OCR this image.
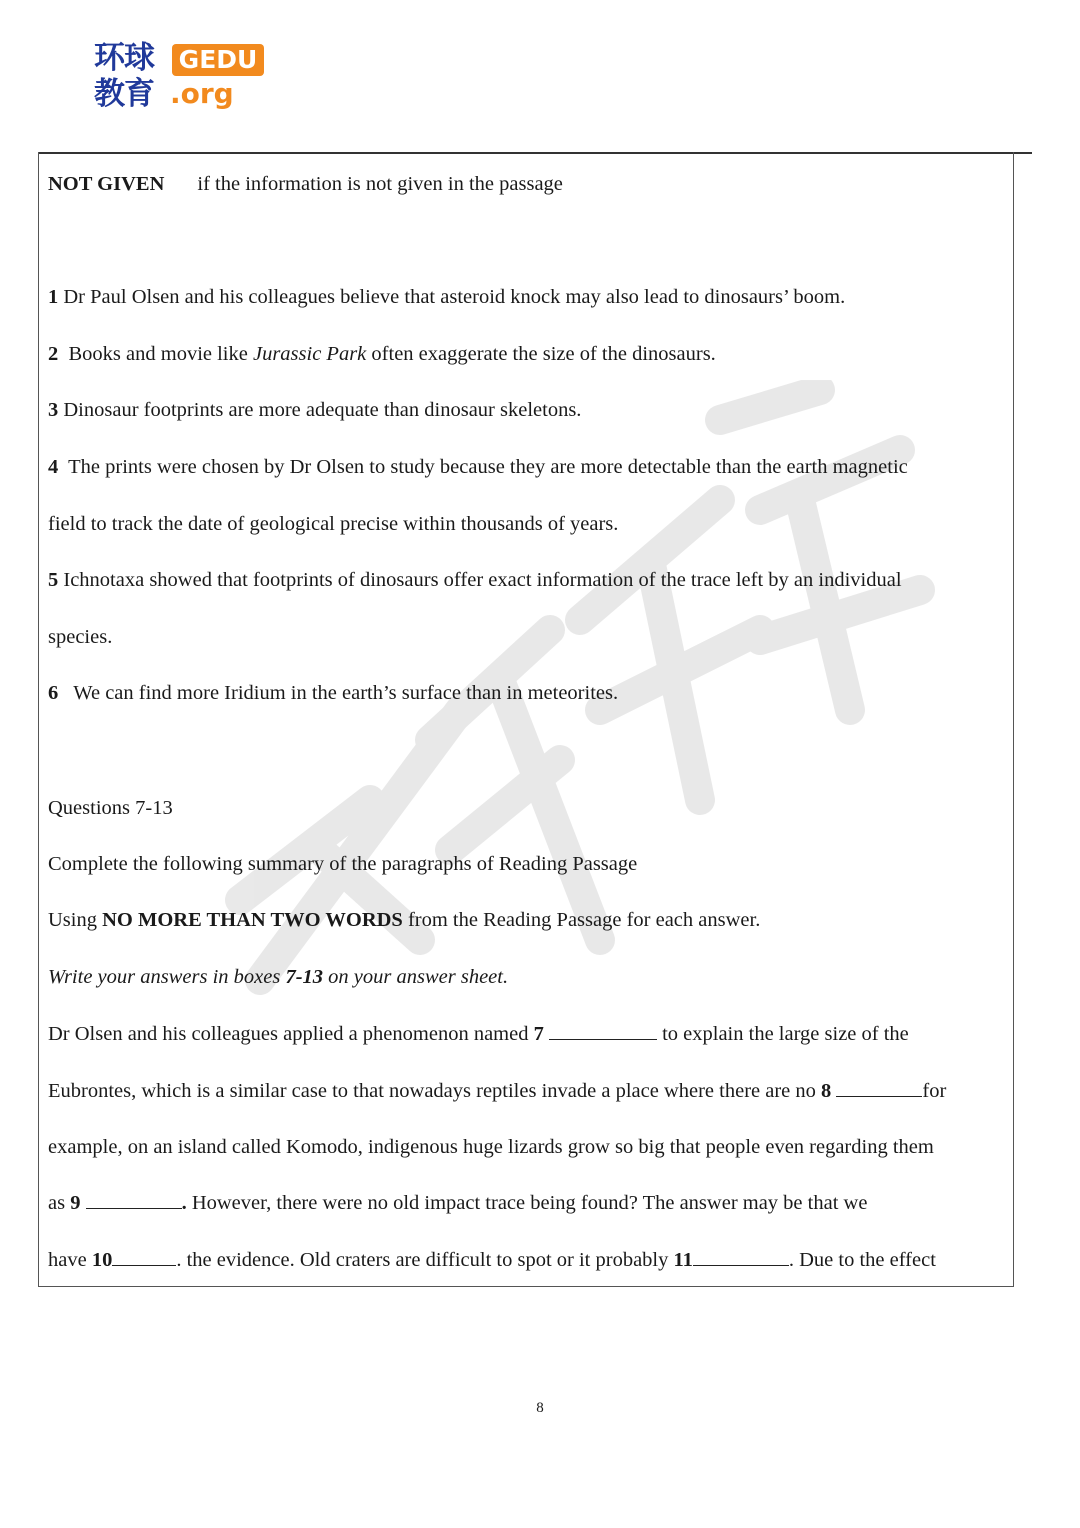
环球
教育
GEDU
.org
NOT GIVEN if the information is not given in the passage
1 Dr Paul Olsen and his colleagues believe that asteroid knock may also lead to dinosaurs’ boom.
2 Books and movie like Jurassic Park often exaggerate the size of the dinosaurs.
3 Dinosaur footprints are more adequate than dinosaur skeletons.
4 The prints were chosen by Dr Olsen to study because they are more detectable than the earth magnetic
field to track the date of geological precise within thousands of years.
5 Ichnotaxa showed that footprints of dinosaurs offer exact information of the trace left by an individual
species.
6 We can find more Iridium in the earth’s surface than in meteorites.
Questions 7-13
Complete the following summary of the paragraphs of Reading Passage
Using NO MORE THAN TWO WORDS from the Reading Passage for each answer.
Write your answers in boxes 7-13 on your answer sheet.
Dr Olsen and his colleagues applied a phenomenon named 7	to explain the large size of the
Eubrontes, which is a similar case to that nowadays reptiles invade a place where there are no 8	for
example, on an island called Komodo, indigenous huge lizards grow so big that people even regarding them
as 9	. However, there were no old impact trace being found? The answer may be that we
have 10	. the evidence. Old craters are difficult to spot or it probably 11	. Due to the effect
8
